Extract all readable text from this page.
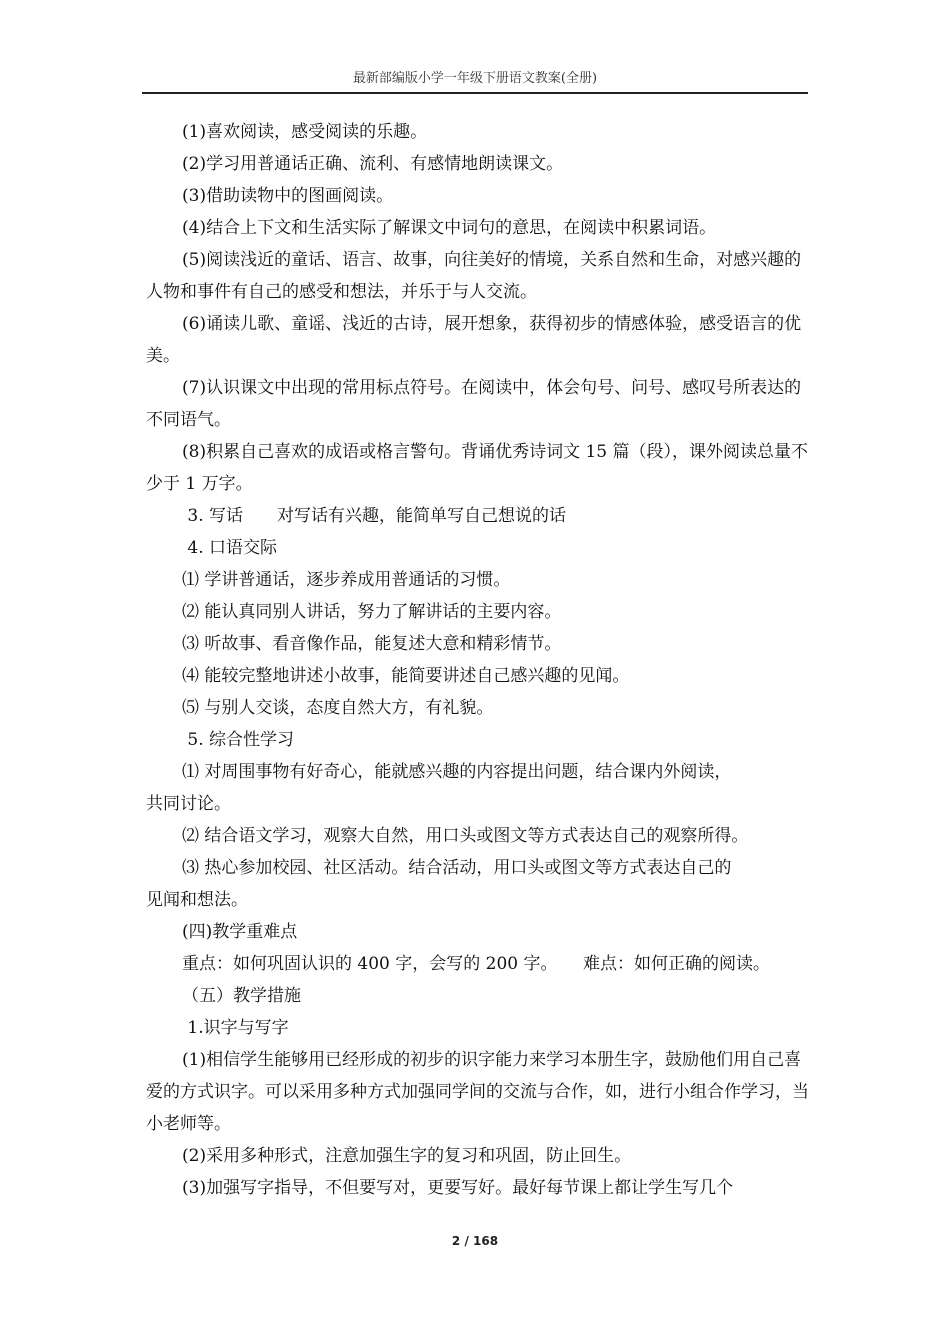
最新部编版小学一年级下册语文教案(全册)

(1)喜欢阅读，感受阅读的乐趣。

(2)学习用普通话正确、流利、有感情地朗读课文。

(3)借助读物中的图画阅读。

(4)结合上下文和生活实际了解课文中词句的意思，在阅读中积累词语。

(5)阅读浅近的童话、语言、故事，向往美好的情境，关系自然和生命，对感兴趣的人物和事件有自己的感受和想法，并乐于与人交流。

(6)诵读儿歌、童谣、浅近的古诗，展开想象，获得初步的情感体验，感受语言的优美。

(7)认识课文中出现的常用标点符号。在阅读中，体会句号、问号、感叹号所表达的不同语气。

(8)积累自己喜欢的成语或格言警句。背诵优秀诗词文 15 篇（段），课外阅读总量不少于 1 万字。

3. 写话　　对写话有兴趣，能简单写自己想说的话

4. 口语交际

⑴ 学讲普通话，逐步养成用普通话的习惯。

⑵ 能认真同别人讲话，努力了解讲话的主要内容。

⑶ 听故事、看音像作品，能复述大意和精彩情节。

⑷ 能较完整地讲述小故事，能简要讲述自己感兴趣的见闻。

⑸ 与别人交谈，态度自然大方，有礼貌。

5. 综合性学习

⑴ 对周围事物有好奇心，能就感兴趣的内容提出问题，结合课内外阅读，

共同讨论。

⑵ 结合语文学习，观察大自然，用口头或图文等方式表达自己的观察所得。

⑶ 热心参加校园、社区活动。结合活动，用口头或图文等方式表达自己的

见闻和想法。

(四)教学重难点

重点：如何巩固认识的 400 字，会写的 200 字。　　难点：如何正确的阅读。

（五）教学措施

1.识字与写字

(1)相信学生能够用已经形成的初步的识字能力来学习本册生字，鼓励他们用自己喜爱的方式识字。可以采用多种方式加强同学间的交流与合作，如，进行小组合作学习，当小老师等。

(2)采用多种形式，注意加强生字的复习和巩固，防止回生。

(3)加强写字指导，不但要写对，更要写好。最好每节课上都让学生写几个

2 / 168
